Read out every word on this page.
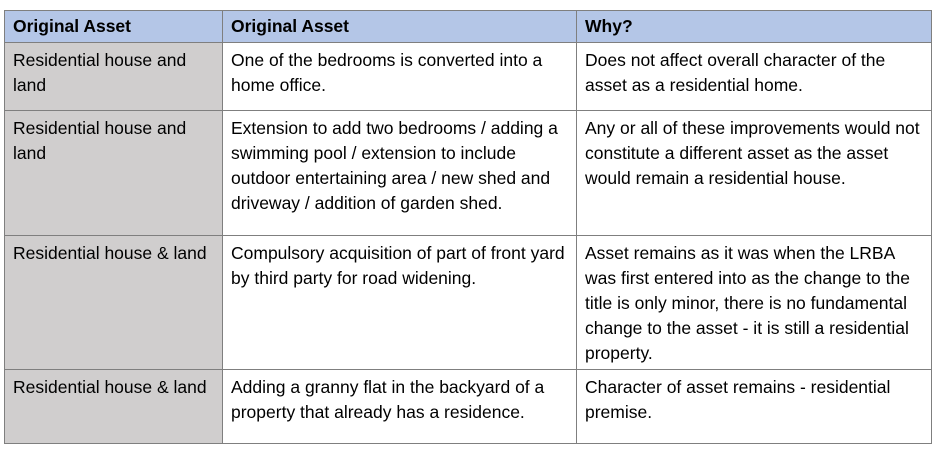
Original Asset	Original Asset	Why?
Residential house and land	One of the bedrooms is converted into a home office.	Does not affect overall character of the asset as a residential home.
Residential house and land	Extension to add two bedrooms / adding a swimming pool / extension to include outdoor entertaining area / new shed and driveway / addition of garden shed.	Any or all of these improvements would not constitute a different asset as the asset would remain a residential house.
Residential house & land	Compulsory acquisition of part of front yard by third party for road widening.	Asset remains as it was when the LRBA was first entered into as the change to the title is only minor, there is no fundamental change to the asset - it is still a residential property.
Residential house & land	Adding a granny flat in the backyard of a property that already has a residence.	Character of asset remains - residential premise.
